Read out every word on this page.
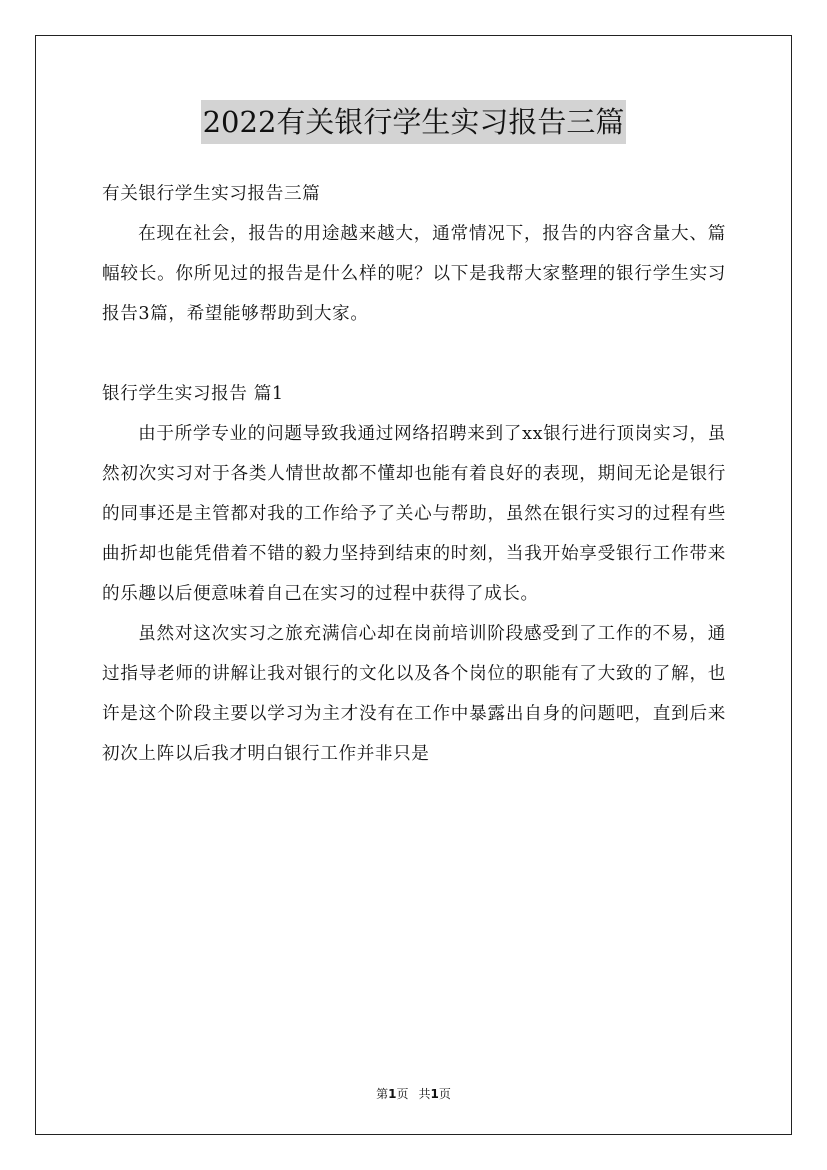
2022有关银行学生实习报告三篇

有关银行学生实习报告三篇

在现在社会，报告的用途越来越大，通常情况下，报告的内容含量大、篇幅较长。你所见过的报告是什么样的呢？以下是我帮大家整理的银行学生实习报告3篇，希望能够帮助到大家。

银行学生实习报告 篇1

由于所学专业的问题导致我通过网络招聘来到了xx银行进行顶岗实习，虽然初次实习对于各类人情世故都不懂却也能有着良好的表现，期间无论是银行的同事还是主管都对我的工作给予了关心与帮助，虽然在银行实习的过程有些曲折却也能凭借着不错的毅力坚持到结束的时刻，当我开始享受银行工作带来的乐趣以后便意味着自己在实习的过程中获得了成长。

虽然对这次实习之旅充满信心却在岗前培训阶段感受到了工作的不易，通过指导老师的讲解让我对银行的文化以及各个岗位的职能有了大致的了解，也许是这个阶段主要以学习为主才没有在工作中暴露出自身的问题吧，直到后来初次上阵以后我才明白银行工作并非只是

第1页 共1页
